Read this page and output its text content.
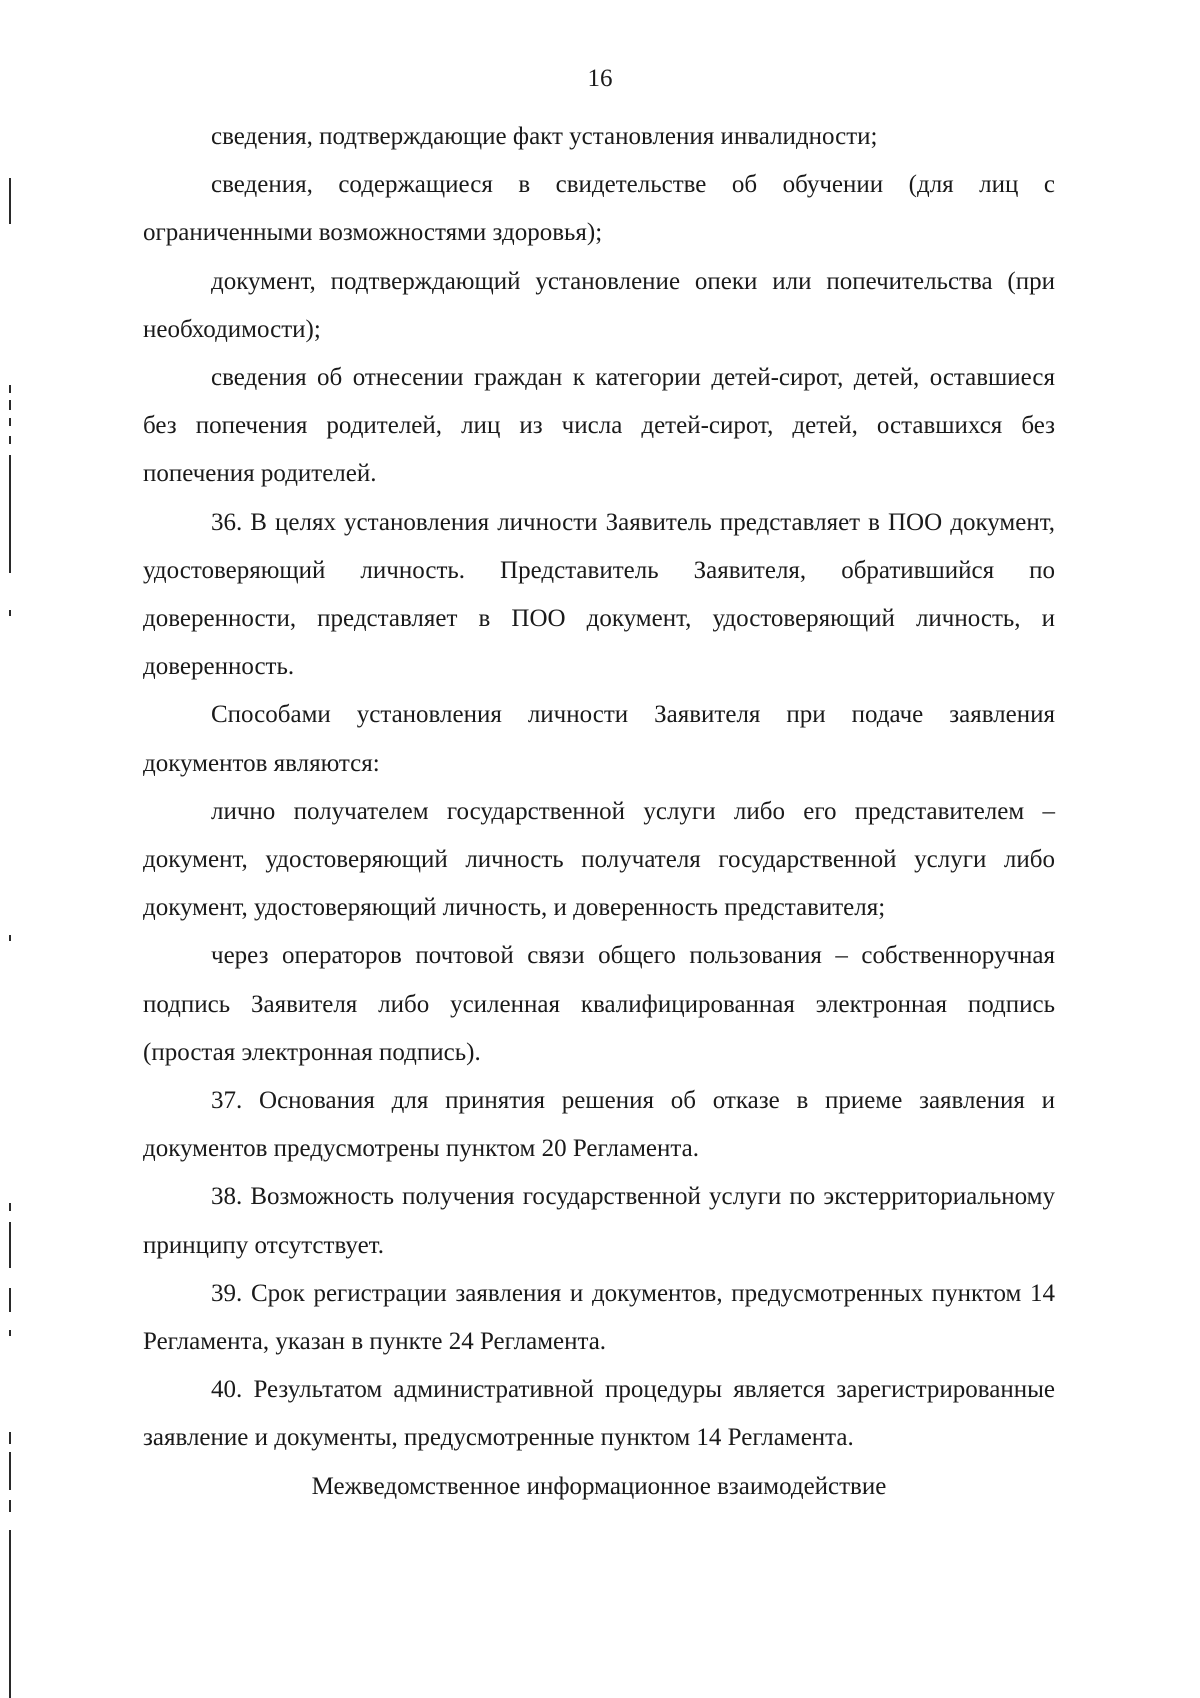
16

сведения, подтверждающие факт установления инвалидности;

сведения, содержащиеся в свидетельстве об обучении (для лиц с ограниченными возможностями здоровья);

документ, подтверждающий установление опеки или попечительства (при необходимости);

сведения об отнесении граждан к категории детей-сирот, детей, оставшиеся без попечения родителей, лиц из числа детей-сирот, детей, оставшихся без попечения родителей.

36. В целях установления личности Заявитель представляет в ПОО документ, удостоверяющий личность. Представитель Заявителя, обратившийся по доверенности, представляет в ПОО документ, удостоверяющий личность, и доверенность.

Способами установления личности Заявителя при подаче заявления документов являются:

лично получателем государственной услуги либо его представителем – документ, удостоверяющий личность получателя государственной услуги либо документ, удостоверяющий личность, и доверенность представителя;

через операторов почтовой связи общего пользования – собственноручная подпись Заявителя либо усиленная квалифицированная электронная подпись (простая электронная подпись).

37. Основания для принятия решения об отказе в приеме заявления и документов предусмотрены пунктом 20 Регламента.

38. Возможность получения государственной услуги по экстерриториальному принципу отсутствует.

39. Срок регистрации заявления и документов, предусмотренных пунктом 14 Регламента, указан в пункте 24 Регламента.

40. Результатом административной процедуры является зарегистрированные заявление и документы, предусмотренные пунктом 14 Регламента.

Межведомственное информационное взаимодействие
